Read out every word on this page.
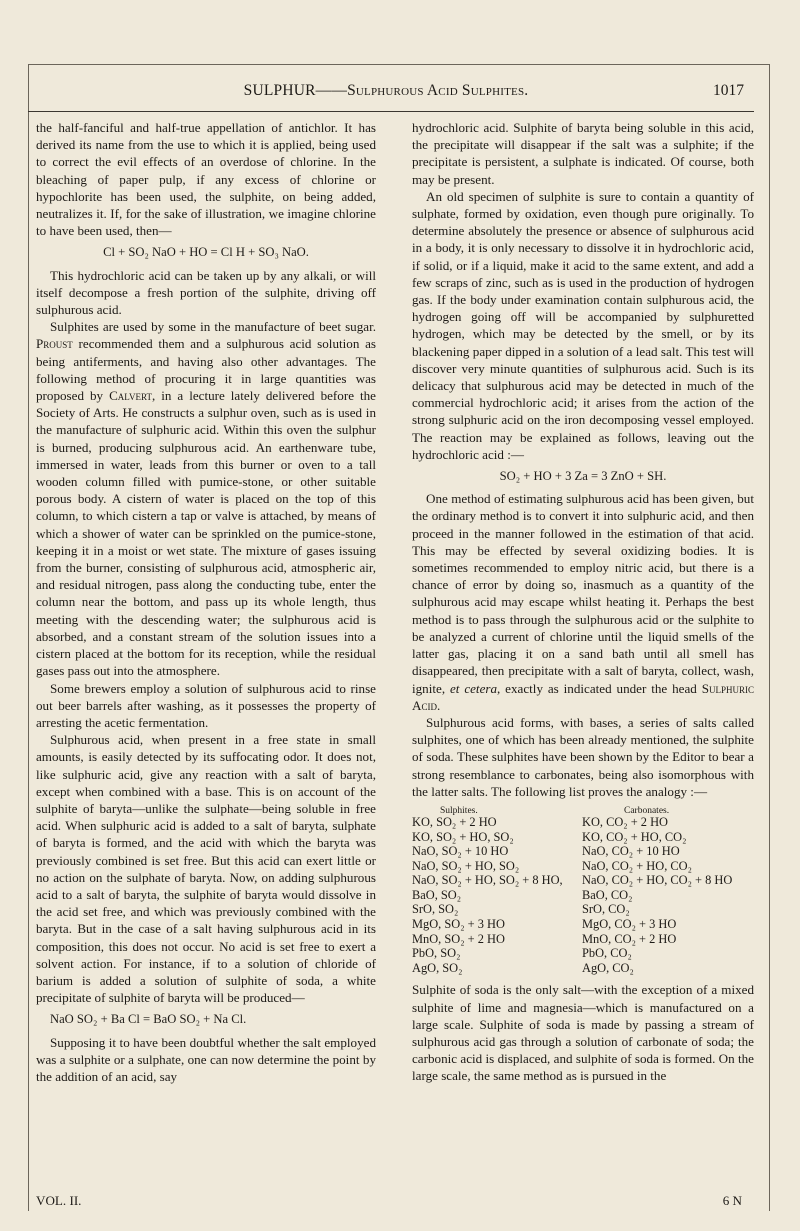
SULPHUR——Sulphurous Acid Sulphites.	1017

the half-fanciful and half-true appellation of antichlor. It has derived its name from the use to which it is applied, being used to correct the evil effects of an overdose of chlorine. In the bleaching of paper pulp, if any excess of chlorine or hypochlorite has been used, the sulphite, on being added, neutralizes it. If, for the sake of illustration, we imagine chlorine to have been used, then—

Cl + SO₂ NaO + HO = Cl H + SO₃ NaO.

This hydrochloric acid can be taken up by any alkali, or will itself decompose a fresh portion of the sulphite, driving off sulphurous acid.

Sulphites are used by some in the manufacture of beet sugar. Proust recommended them and a sulphurous acid solution as being antiferments, and having also other advantages. The following method of procuring it in large quantities was proposed by Calvert, in a lecture lately delivered before the Society of Arts. He constructs a sulphur oven, such as is used in the manufacture of sulphuric acid. Within this oven the sulphur is burned, producing sulphurous acid. An earthenware tube, immersed in water, leads from this burner or oven to a tall wooden column filled with pumice-stone, or other suitable porous body. A cistern of water is placed on the top of this column, to which cistern a tap or valve is attached, by means of which a shower of water can be sprinkled on the pumice-stone, keeping it in a moist or wet state. The mixture of gases issuing from the burner, consisting of sulphurous acid, atmospheric air, and residual nitrogen, pass along the conducting tube, enter the column near the bottom, and pass up its whole length, thus meeting with the descending water; the sulphurous acid is absorbed, and a constant stream of the solution issues into a cistern placed at the bottom for its reception, while the residual gases pass out into the atmosphere.

Some brewers employ a solution of sulphurous acid to rinse out beer barrels after washing, as it possesses the property of arresting the acetic fermentation.

Sulphurous acid, when present in a free state in small amounts, is easily detected by its suffocating odor. It does not, like sulphuric acid, give any reaction with a salt of baryta, except when combined with a base. This is on account of the sulphite of baryta—unlike the sulphate—being soluble in free acid. When sulphuric acid is added to a salt of baryta, sulphate of baryta is formed, and the acid with which the baryta was previously combined is set free. But this acid can exert little or no action on the sulphate of baryta. Now, on adding sulphurous acid to a salt of baryta, the sulphite of baryta would dissolve in the acid set free, and which was previously combined with the baryta. But in the case of a salt having sulphurous acid in its composition, this does not occur. No acid is set free to exert a solvent action. For instance, if to a solution of chloride of barium is added a solution of sulphite of soda, a white precipitate of sulphite of baryta will be produced—

NaO SO₂ + Ba Cl = BaO SO₂ + Na Cl.

Supposing it to have been doubtful whether the salt employed was a sulphite or a sulphate, one can now determine the point by the addition of an acid, say

hydrochloric acid. Sulphite of baryta being soluble in this acid, the precipitate will disappear if the salt was a sulphite; if the precipitate is persistent, a sulphate is indicated. Of course, both may be present.

An old specimen of sulphite is sure to contain a quantity of sulphate, formed by oxidation, even though pure originally. To determine absolutely the presence or absence of sulphurous acid in a body, it is only necessary to dissolve it in hydrochloric acid, if solid, or if a liquid, make it acid to the same extent, and add a few scraps of zinc, such as is used in the production of hydrogen gas. If the body under examination contain sulphurous acid, the hydrogen going off will be accompanied by sulphuretted hydrogen, which may be detected by the smell, or by its blackening paper dipped in a solution of a lead salt. This test will discover very minute quantities of sulphurous acid. Such is its delicacy that sulphurous acid may be detected in much of the commercial hydrochloric acid; it arises from the action of the strong sulphuric acid on the iron decomposing vessel employed. The reaction may be explained as follows, leaving out the hydrochloric acid :—

SO₂ + HO + 3 Za = 3 ZnO + SH.

One method of estimating sulphurous acid has been given, but the ordinary method is to convert it into sulphuric acid, and then proceed in the manner followed in the estimation of that acid. This may be effected by several oxidizing bodies. It is sometimes recommended to employ nitric acid, but there is a chance of error by doing so, inasmuch as a quantity of the sulphurous acid may escape whilst heating it. Perhaps the best method is to pass through the sulphurous acid or the sulphite to be analyzed a current of chlorine until the liquid smells of the latter gas, placing it on a sand bath until all smell has disappeared, then precipitate with a salt of baryta, collect, wash, ignite, et cetera, exactly as indicated under the head Sulphuric Acid.

Sulphurous acid forms, with bases, a series of salts called sulphites, one of which has been already mentioned, the sulphite of soda. These sulphites have been shown by the Editor to bear a strong resemblance to carbonates, being also isomorphous with the latter salts. The following list proves the analogy :—

Sulphites.	Carbonates.
KO, SO₂ + 2 HO	KO, CO₂ + 2 HO
KO, SO₂ + HO, SO₂	KO, CO₂ + HO, CO₂
NaO, SO₂ + 10 HO	NaO, CO₂ + 10 HO
NaO, SO₂ + HO, SO₂	NaO, CO₂ + HO, CO₂
NaO, SO₂ + HO, SO₂ + 8 HO,	NaO, CO₂ + HO, CO₂ + 8 HO
BaO, SO₂	BaO, CO₂
SrO, SO₂	SrO, CO₂
MgO, SO₂ + 3 HO	MgO, CO₂ + 3 HO
MnO, SO₂ + 2 HO	MnO, CO₂ + 2 HO
PbO, SO₂	PbO, CO₂
AgO, SO₂	AgO, CO₂

Sulphite of soda is the only salt—with the exception of a mixed sulphite of lime and magnesia—which is manufactured on a large scale. Sulphite of soda is made by passing a stream of sulphurous acid gas through a solution of carbonate of soda; the carbonic acid is displaced, and sulphite of soda is formed. On the large scale, the same method as is pursued in the

VOL. II.	6 N
